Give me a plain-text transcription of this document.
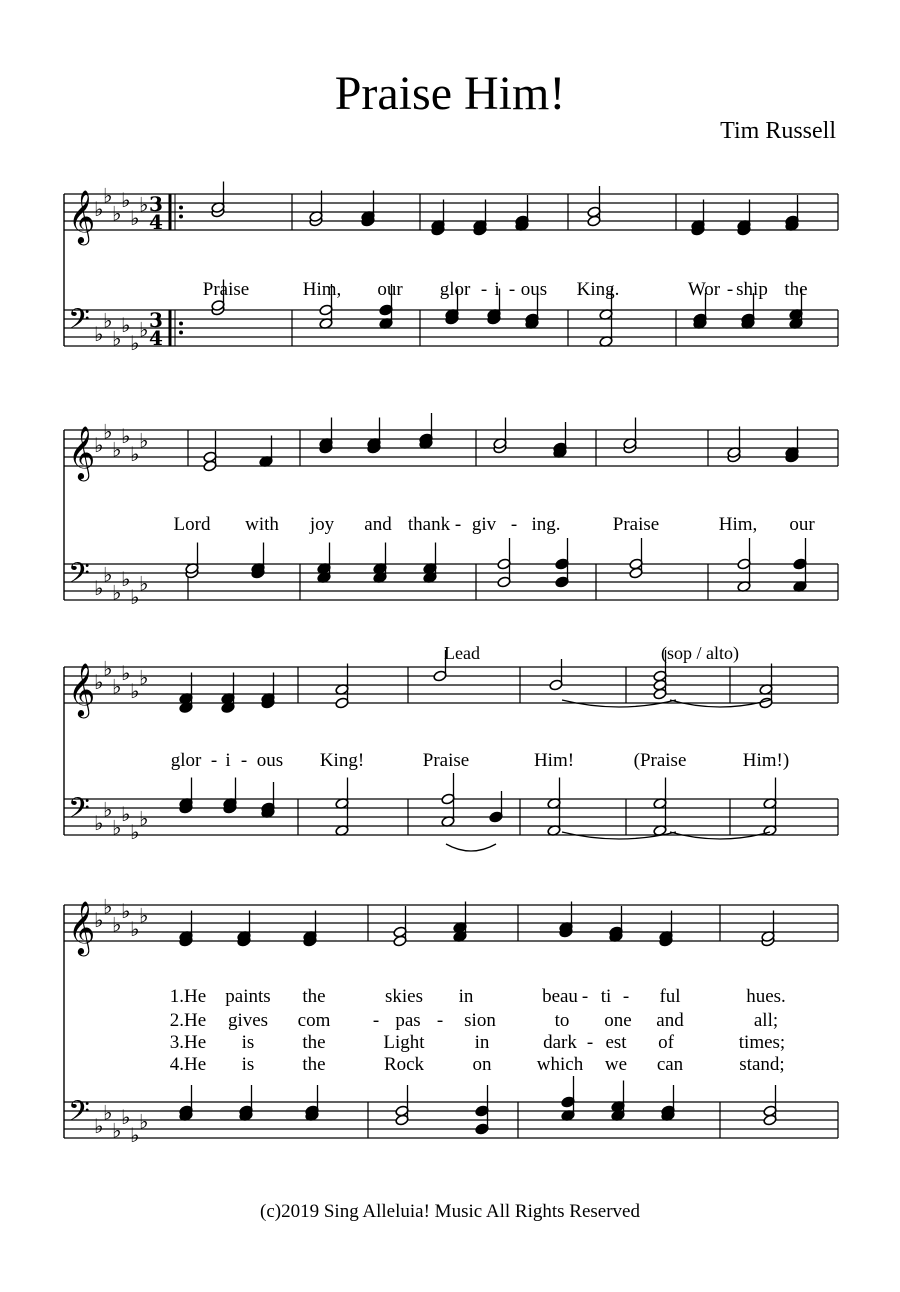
Praise Him!
Tim Russell
𝄞
𝄢
♭
♭
♭
♭
♭
♭
♭
♭
♭
♭
♭
♭
3
4
3
4
𝄞
𝄢
♭
♭
♭
♭
♭
♭
♭
♭
♭
♭
♭
♭
𝄞
𝄢
♭
♭
♭
♭
♭
♭
♭
♭
♭
♭
♭
♭
𝄞
𝄢
♭
♭
♭
♭
♭
♭
♭
♭
♭
♭
♭
♭
Praise	Him, our glor - i - ous King.	Wor - ship the
Lord with joy and thank - giv - ing.	Praise	Him, our
glor - i - ous King!	Praise	Him!	(Praise	Him!)
Lead	(sop / alto)
1.He paints the	skies in	beau - ti - ful	hues.
2.He gives com - pas - sion	to one and	all;
3.He is	the	Light	in	dark - est of	times;
4.He is	the	Rock	on which we can	stand;
(c)2019 Sing Alleluia! Music All Rights Reserved
